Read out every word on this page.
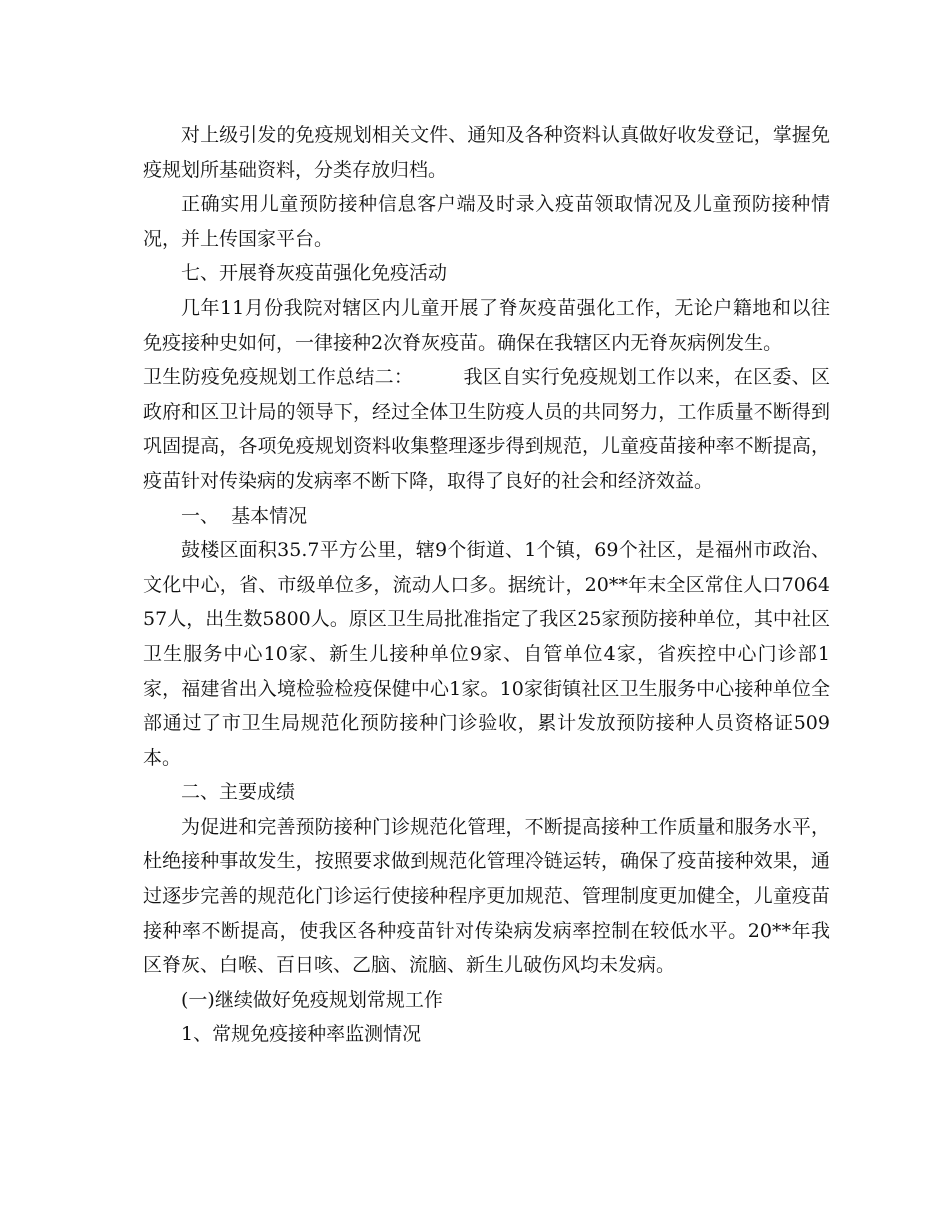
对上级引发的免疫规划相关文件、通知及各种资料认真做好收发登记，掌握免疫规划所基础资料，分类存放归档。

正确实用儿童预防接种信息客户端及时录入疫苗领取情况及儿童预防接种情况，并上传国家平台。

七、开展脊灰疫苗强化免疫活动

几年11月份我院对辖区内儿童开展了脊灰疫苗强化工作，无论户籍地和以往免疫接种史如何，一律接种2次脊灰疫苗。确保在我辖区内无脊灰病例发生。

卫生防疫免疫规划工作总结二：	我区自实行免疫规划工作以来，在区委、区政府和区卫计局的领导下，经过全体卫生防疫人员的共同努力，工作质量不断得到巩固提高，各项免疫规划资料收集整理逐步得到规范，儿童疫苗接种率不断提高，疫苗针对传染病的发病率不断下降，取得了良好的社会和经济效益。

一、  基本情况

鼓楼区面积35.7平方公里，辖9个街道、1个镇，69个社区，是福州市政治、文化中心，省、市级单位多，流动人口多。据统计，20**年末全区常住人口706457人，出生数5800人。原区卫生局批准指定了我区25家预防接种单位，其中社区卫生服务中心10家、新生儿接种单位9家、自管单位4家，省疾控中心门诊部1家，福建省出入境检验检疫保健中心1家。10家街镇社区卫生服务中心接种单位全部通过了市卫生局规范化预防接种门诊验收，累计发放预防接种人员资格证509本。

二、主要成绩

为促进和完善预防接种门诊规范化管理，不断提高接种工作质量和服务水平，杜绝接种事故发生，按照要求做到规范化管理冷链运转，确保了疫苗接种效果，通过逐步完善的规范化门诊运行使接种程序更加规范、管理制度更加健全，儿童疫苗接种率不断提高，使我区各种疫苗针对传染病发病率控制在较低水平。20**年我区脊灰、白喉、百日咳、乙脑、流脑、新生儿破伤风均未发病。

(一)继续做好免疫规划常规工作

1、常规免疫接种率监测情况
